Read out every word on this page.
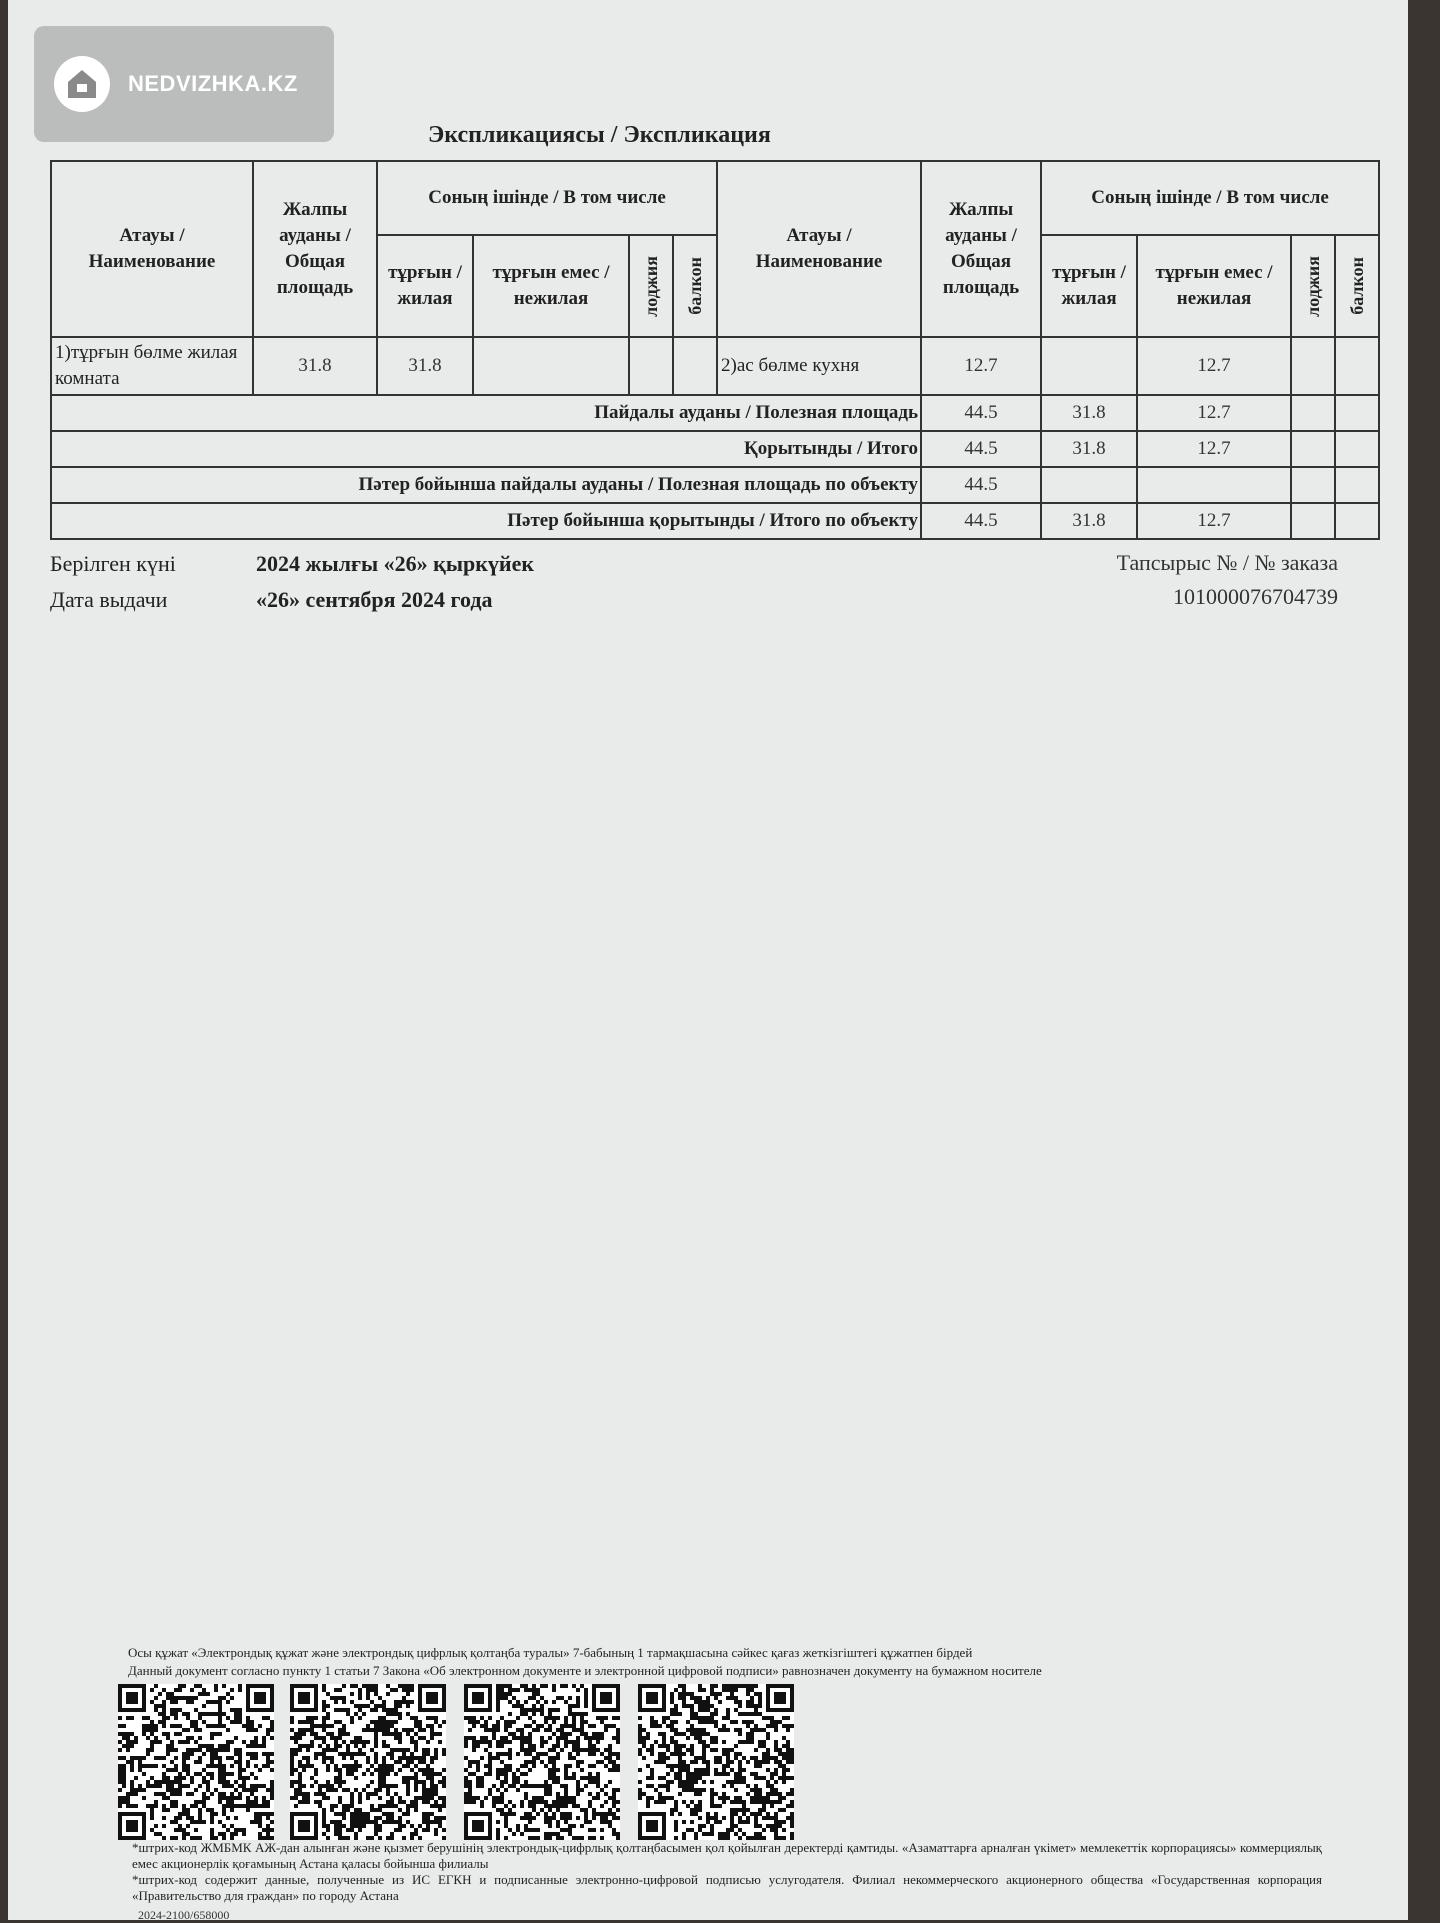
NEDVIZHKA.KZ
Экспликациясы / Экспликация
Атауы / Наименование	Жалпы ауданы / Общая площадь	Соның ішінде / В том числе				Атауы / Наименование	Жалпы ауданы / Общая площадь	Соның ішінде / В том числе			
		тұрғын / жилая	тұрғын емес / нежилая	лоджия	балкон			тұрғын / жилая	тұрғын емес / нежилая	лоджия	балкон

1)тұрғын бөлме жилая комната	31.8	31.8				2)ас бөлме кухня	12.7		12.7		
Пайдалы ауданы / Полезная площадь							44.5	31.8	12.7		
Қорытынды / Итого							44.5	31.8	12.7		
Пәтер бойынша пайдалы ауданы / Полезная площадь по объекту							44.5				
Пәтер бойынша қорытынды / Итого по объекту							44.5	31.8	12.7		
Берілген күні
Дата выдачи
2024 жылғы «26» қыркүйек
«26» сентября 2024 года
Тапсырыс № / № заказа
101000076704739
Осы құжат «Электрондық құжат және электрондық цифрлық қолтаңба туралы» 7-бабының 1 тармақшасына сәйкес қағаз жеткізгіштегі құжатпен бірдей
Данный документ согласно пункту 1 статьи 7 Закона «Об электронном документе и электронной цифровой подписи» равнозначен документу на бумажном носителе
*штрих-код ЖМБМК АЖ-дан алынған және қызмет берушінің электрондық-цифрлық қолтаңбасымен қол қойылған деректерді қамтиды. «Азаматтарға арналған үкімет» мемлекеттік корпорациясы» коммерциялық емес акционерлік қоғамының Астана қаласы бойынша филиалы
*штрих-код содержит данные, полученные из ИС ЕГКН и подписанные электронно-цифровой подписью услугодателя. Филиал некоммерческого акционерного общества «Государственная корпорация «Правительство для граждан» по городу Астана
2024-2100/658000
